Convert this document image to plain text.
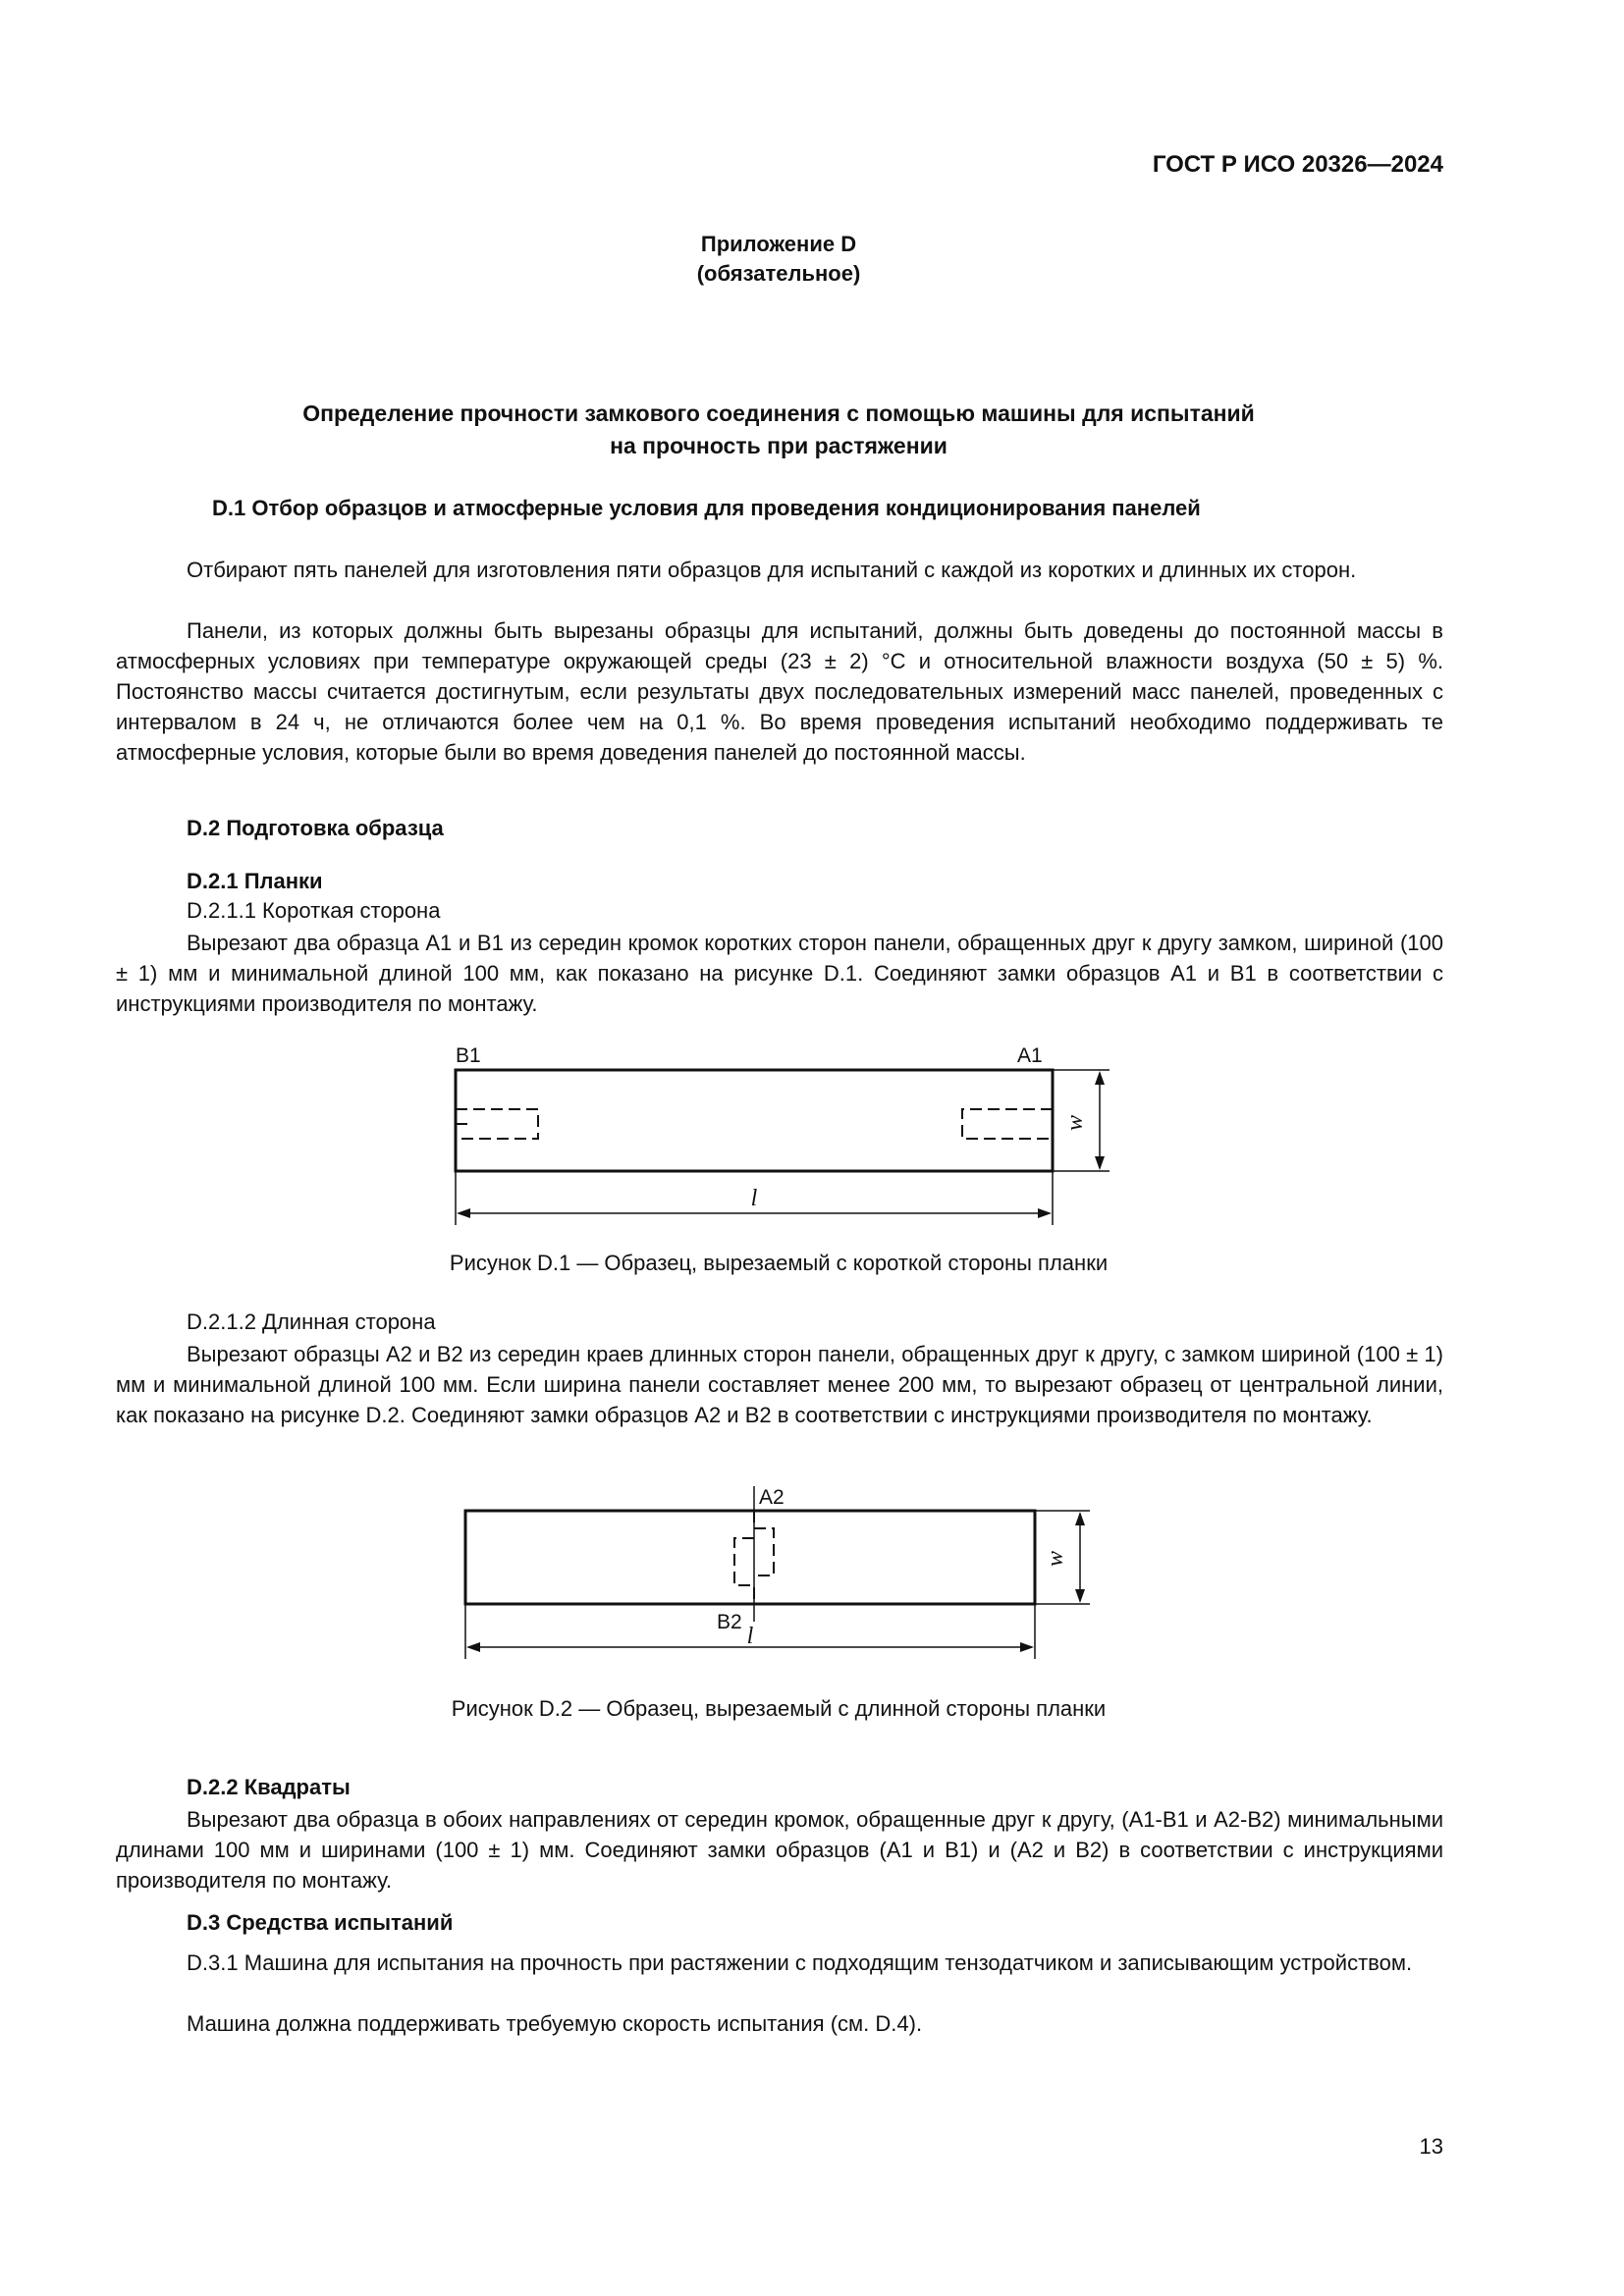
ГОСТ Р ИСО 20326—2024
Приложение D
(обязательное)
Определение прочности замкового соединения с помощью машины для испытаний
на прочность при растяжении
D.1 Отбор образцов и атмосферные условия для проведения кондиционирования панелей
Отбирают пять панелей для изготовления пяти образцов для испытаний с каждой из коротких и длинных их сторон.
Панели, из которых должны быть вырезаны образцы для испытаний, должны быть доведены до постоянной массы в атмосферных условиях при температуре окружающей среды (23 ± 2) °C и относительной влажности воздуха (50 ± 5) %. Постоянство массы считается достигнутым, если результаты двух последовательных измерений масс панелей, проведенных с интервалом в 24 ч, не отличаются более чем на 0,1 %. Во время проведения испытаний необходимо поддерживать те атмосферные условия, которые были во время доведения панелей до постоянной массы.
D.2 Подготовка образца
D.2.1 Планки
D.2.1.1 Короткая сторона
Вырезают два образца A1 и B1 из середин кромок коротких сторон панели, обращенных друг к другу замком, шириной (100 ± 1) мм и минимальной длиной 100 мм, как показано на рисунке D.1. Соединяют замки образцов A1 и B1 в соответствии с инструкциями производителя по монтажу.
w
l
B1	A1
Рисунок D.1 — Образец, вырезаемый с короткой стороны планки
D.2.1.2 Длинная сторона
Вырезают образцы A2 и B2 из середин краев длинных сторон панели, обращенных друг к другу, с замком шириной (100 ± 1) мм и минимальной длиной 100 мм. Если ширина панели составляет менее 200 мм, то вырезают образец от центральной линии, как показано на рисунке D.2. Соединяют замки образцов A2 и B2 в соответствии с инструкциями производителя по монтажу.
w
l
A2
B2
Рисунок D.2 — Образец, вырезаемый с длинной стороны планки
D.2.2 Квадраты
Вырезают два образца в обоих направлениях от середин кромок, обращенные друг к другу, (A1-B1 и A2-B2) минимальными длинами 100 мм и ширинами (100 ± 1) мм. Соединяют замки образцов (A1 и B1) и (A2 и B2) в соответствии с инструкциями производителя по монтажу.
D.3 Средства испытаний
D.3.1 Машина для испытания на прочность при растяжении с подходящим тензодатчиком и записывающим устройством.
Машина должна поддерживать требуемую скорость испытания (см. D.4).
13
